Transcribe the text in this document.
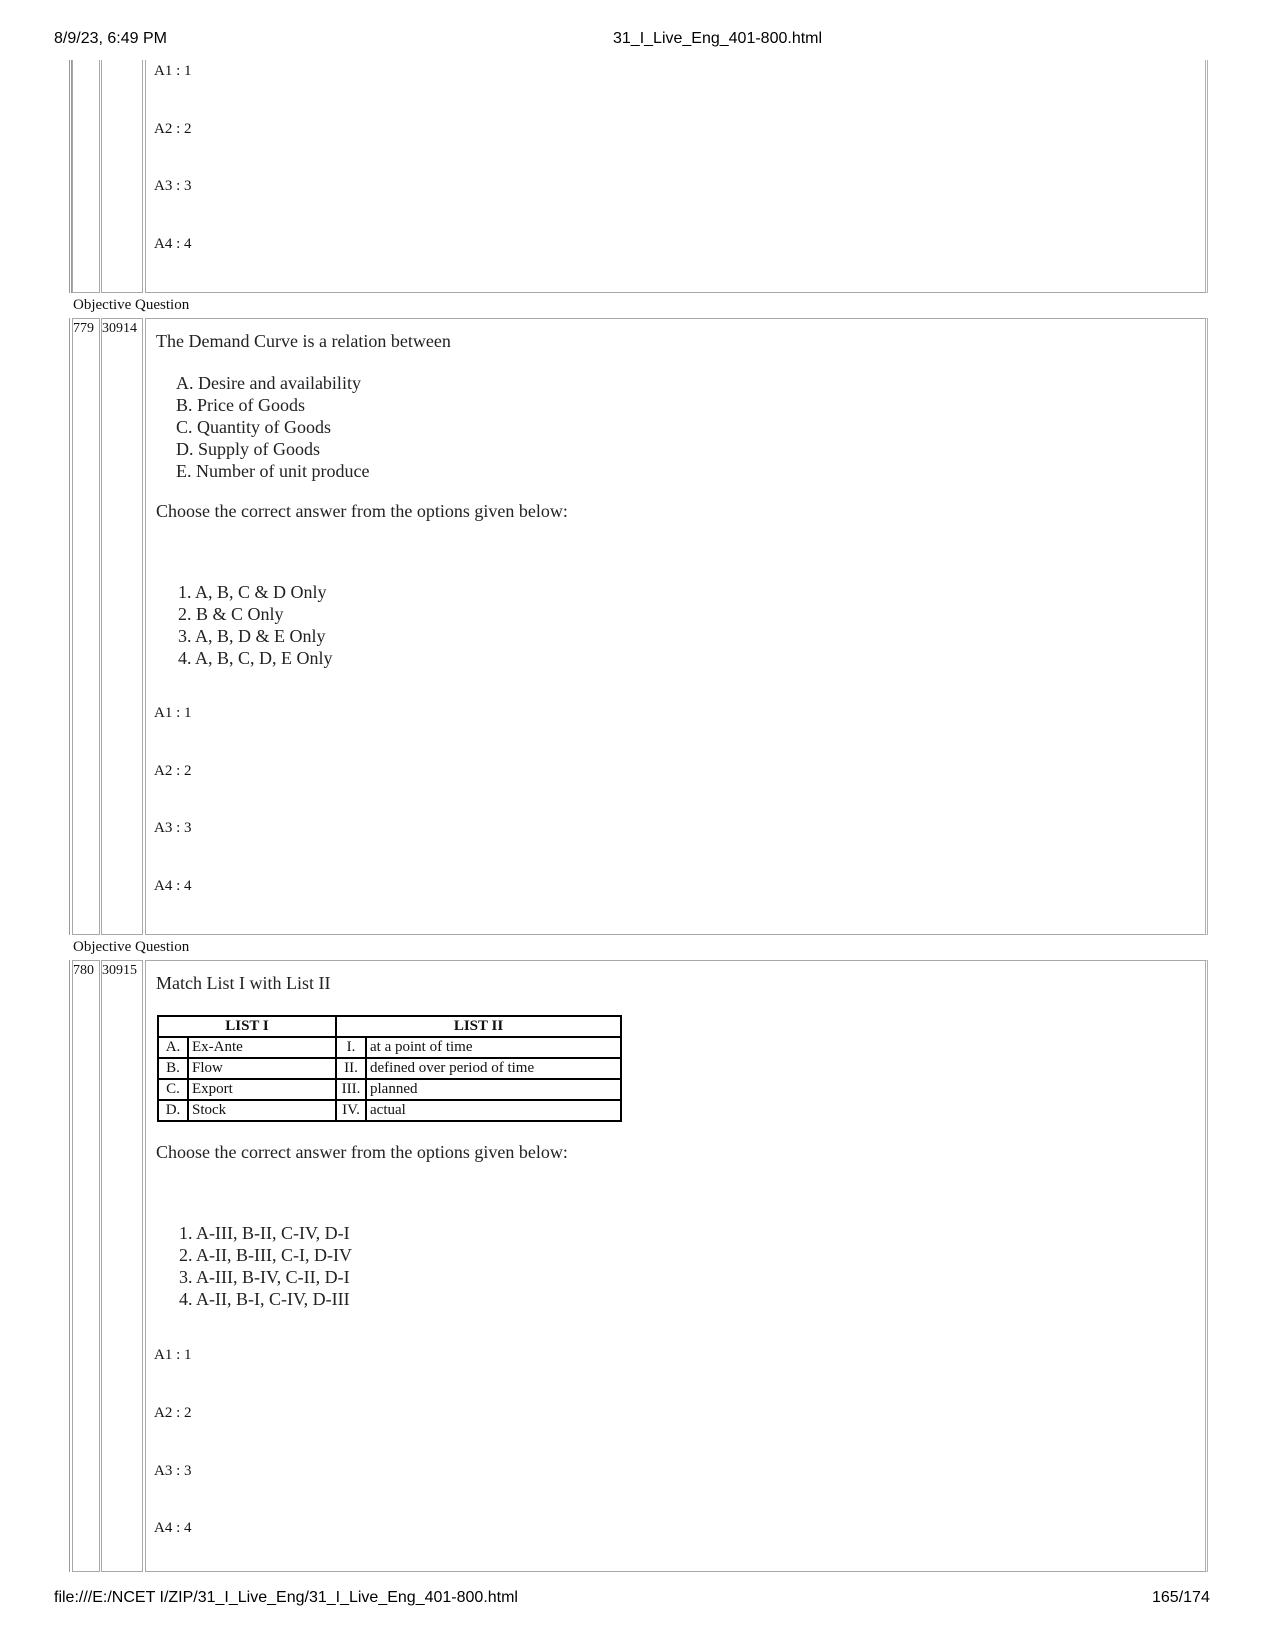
8/9/23, 6:49 PM	31_I_Live_Eng_401-800.html
file:///E:/NCET I/ZIP/31_I_Live_Eng/31_I_Live_Eng_401-800.html	165/174
A1 : 1
A2 : 2
A3 : 3
A4 : 4
Objective Question
779 30914
The Demand Curve is a relation between
A. Desire and availability
B. Price of Goods
C. Quantity of Goods
D. Supply of Goods
E. Number of unit produce
Choose the correct answer from the options given below:
1. A, B, C & D Only
2. B & C Only
3. A, B, D & E Only
4. A, B, C, D, E Only
A1 : 1
A2 : 2
A3 : 3
A4 : 4
Objective Question
780 30915
Match List I with List II
LIST I		LIST II	
A.	Ex-Ante	I.	at a point of time
B.	Flow	II.	defined over period of time
C.	Export	III.	planned
D.	Stock	IV.	actual
Choose the correct answer from the options given below:
1. A-III, B-II, C-IV, D-I
2. A-II, B-III, C-I, D-IV
3. A-III, B-IV, C-II, D-I
4. A-II, B-I, C-IV, D-III
A1 : 1
A2 : 2
A3 : 3
A4 : 4
